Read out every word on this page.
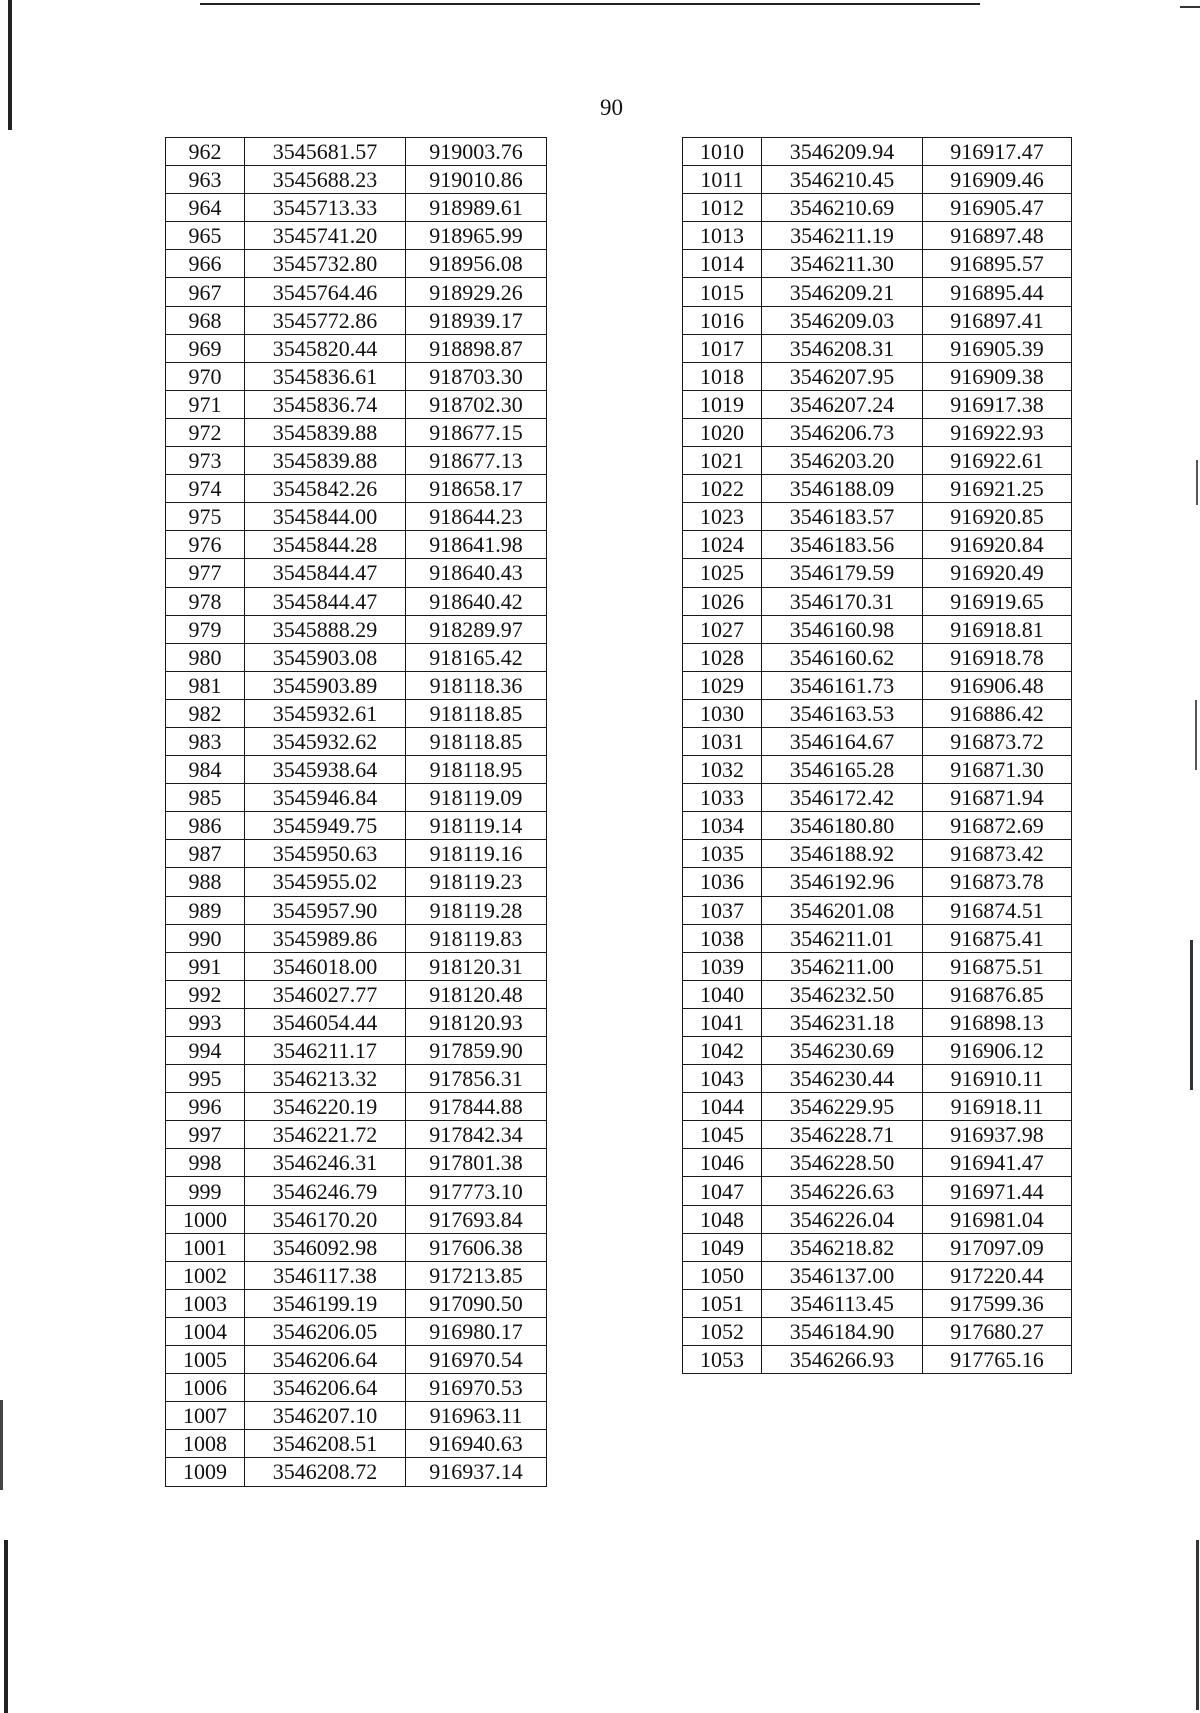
90
962	3545681.57	919003.76
963	3545688.23	919010.86
964	3545713.33	918989.61
965	3545741.20	918965.99
966	3545732.80	918956.08
967	3545764.46	918929.26
968	3545772.86	918939.17
969	3545820.44	918898.87
970	3545836.61	918703.30
971	3545836.74	918702.30
972	3545839.88	918677.15
973	3545839.88	918677.13
974	3545842.26	918658.17
975	3545844.00	918644.23
976	3545844.28	918641.98
977	3545844.47	918640.43
978	3545844.47	918640.42
979	3545888.29	918289.97
980	3545903.08	918165.42
981	3545903.89	918118.36
982	3545932.61	918118.85
983	3545932.62	918118.85
984	3545938.64	918118.95
985	3545946.84	918119.09
986	3545949.75	918119.14
987	3545950.63	918119.16
988	3545955.02	918119.23
989	3545957.90	918119.28
990	3545989.86	918119.83
991	3546018.00	918120.31
992	3546027.77	918120.48
993	3546054.44	918120.93
994	3546211.17	917859.90
995	3546213.32	917856.31
996	3546220.19	917844.88
997	3546221.72	917842.34
998	3546246.31	917801.38
999	3546246.79	917773.10
1000	3546170.20	917693.84
1001	3546092.98	917606.38
1002	3546117.38	917213.85
1003	3546199.19	917090.50
1004	3546206.05	916980.17
1005	3546206.64	916970.54
1006	3546206.64	916970.53
1007	3546207.10	916963.11
1008	3546208.51	916940.63
1009	3546208.72	916937.14
1010	3546209.94	916917.47
1011	3546210.45	916909.46
1012	3546210.69	916905.47
1013	3546211.19	916897.48
1014	3546211.30	916895.57
1015	3546209.21	916895.44
1016	3546209.03	916897.41
1017	3546208.31	916905.39
1018	3546207.95	916909.38
1019	3546207.24	916917.38
1020	3546206.73	916922.93
1021	3546203.20	916922.61
1022	3546188.09	916921.25
1023	3546183.57	916920.85
1024	3546183.56	916920.84
1025	3546179.59	916920.49
1026	3546170.31	916919.65
1027	3546160.98	916918.81
1028	3546160.62	916918.78
1029	3546161.73	916906.48
1030	3546163.53	916886.42
1031	3546164.67	916873.72
1032	3546165.28	916871.30
1033	3546172.42	916871.94
1034	3546180.80	916872.69
1035	3546188.92	916873.42
1036	3546192.96	916873.78
1037	3546201.08	916874.51
1038	3546211.01	916875.41
1039	3546211.00	916875.51
1040	3546232.50	916876.85
1041	3546231.18	916898.13
1042	3546230.69	916906.12
1043	3546230.44	916910.11
1044	3546229.95	916918.11
1045	3546228.71	916937.98
1046	3546228.50	916941.47
1047	3546226.63	916971.44
1048	3546226.04	916981.04
1049	3546218.82	917097.09
1050	3546137.00	917220.44
1051	3546113.45	917599.36
1052	3546184.90	917680.27
1053	3546266.93	917765.16
